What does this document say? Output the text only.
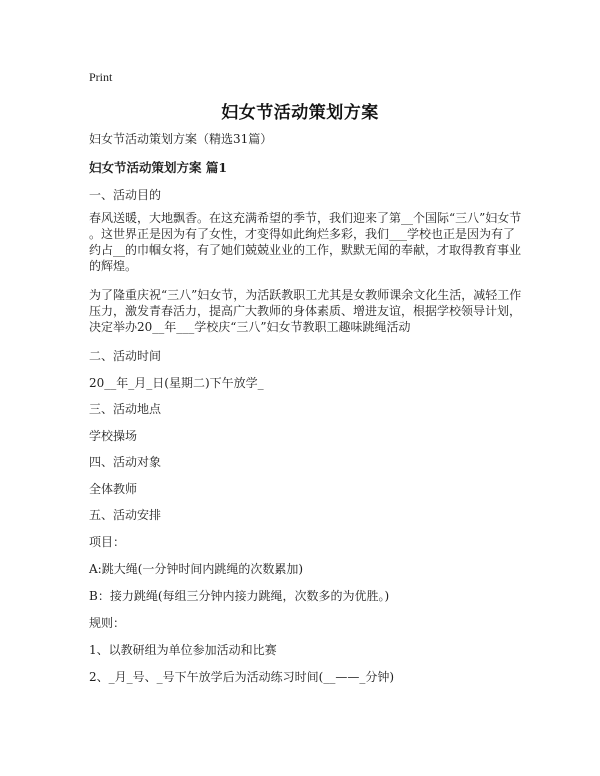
Print
妇女节活动策划方案
妇女节活动策划方案（精选31篇）
妇女节活动策划方案 篇1
一、活动目的
春风送暖，大地飘香。在这充满希望的季节，我们迎来了第__个国际“三八”妇女节
。这世界正是因为有了女性，才变得如此绚烂多彩，我们___学校也正是因为有了
约占__的巾帼女将，有了她们兢兢业业的工作，默默无闻的奉献，才取得教育事业
的辉煌。
为了隆重庆祝“三八”妇女节，为活跃教职工尤其是女教师课余文化生活，减轻工作
压力，激发青春活力，提高广大教师的身体素质、增进友谊，根据学校领导计划，
决定举办20__年___学校庆“三八”妇女节教职工趣味跳绳活动
二、活动时间
20__年_月_日(星期二)下午放学_
三、活动地点
学校操场
四、活动对象
全体教师
五、活动安排
项目：
A:跳大绳(一分钟时间内跳绳的次数累加)
B：接力跳绳(每组三分钟内接力跳绳，次数多的为优胜。)
规则：
1、以教研组为单位参加活动和比赛
2、_月_号、_号下午放学后为活动练习时间(__——_分钟)
